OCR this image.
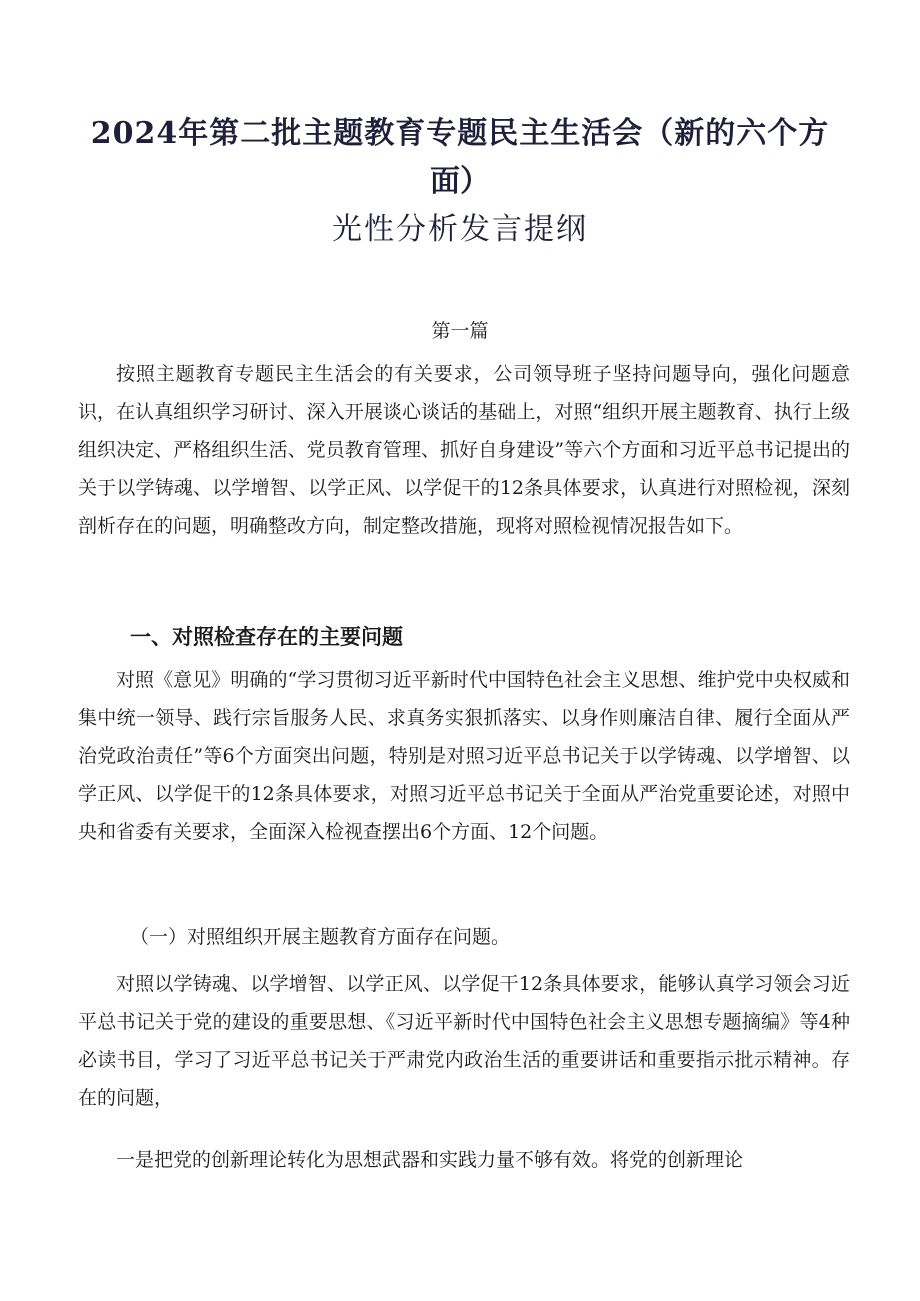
2024年第二批主题教育专题民主生活会（新的六个方
面）
光性分析发言提纲
第一篇

按照主题教育专题民主生活会的有关要求，公司领导班子坚持问题导向，强化问题意识，在认真组织学习研讨、深入开展谈心谈话的基础上，对照“组织开展主题教育、执行上级组织决定、严格组织生活、党员教育管理、抓好自身建设”等六个方面和习近平总书记提出的关于以学铸魂、以学增智、以学正风、以学促干的12条具体要求，认真进行对照检视，深刻剖析存在的问题，明确整改方向，制定整改措施，现将对照检视情况报告如下。

一、对照检查存在的主要问题

对照《意见》明确的“学习贯彻习近平新时代中国特色社会主义思想、维护党中央权威和集中统一领导、践行宗旨服务人民、求真务实狠抓落实、以身作则廉洁自律、履行全面从严治党政治责任”等6个方面突出问题，特别是对照习近平总书记关于以学铸魂、以学增智、以学正风、以学促干的12条具体要求，对照习近平总书记关于全面从严治党重要论述，对照中央和省委有关要求，全面深入检视查摆出6个方面、12个问题。

（一）对照组织开展主题教育方面存在问题。

对照以学铸魂、以学增智、以学正风、以学促干12条具体要求，能够认真学习领会习近平总书记关于党的建设的重要思想、《习近平新时代中国特色社会主义思想专题摘编》等4种必读书目，学习了习近平总书记关于严肃党内政治生活的重要讲话和重要指示批示精神。存在的问题，

一是把党的创新理论转化为思想武器和实践力量不够有效。将党的创新理论
